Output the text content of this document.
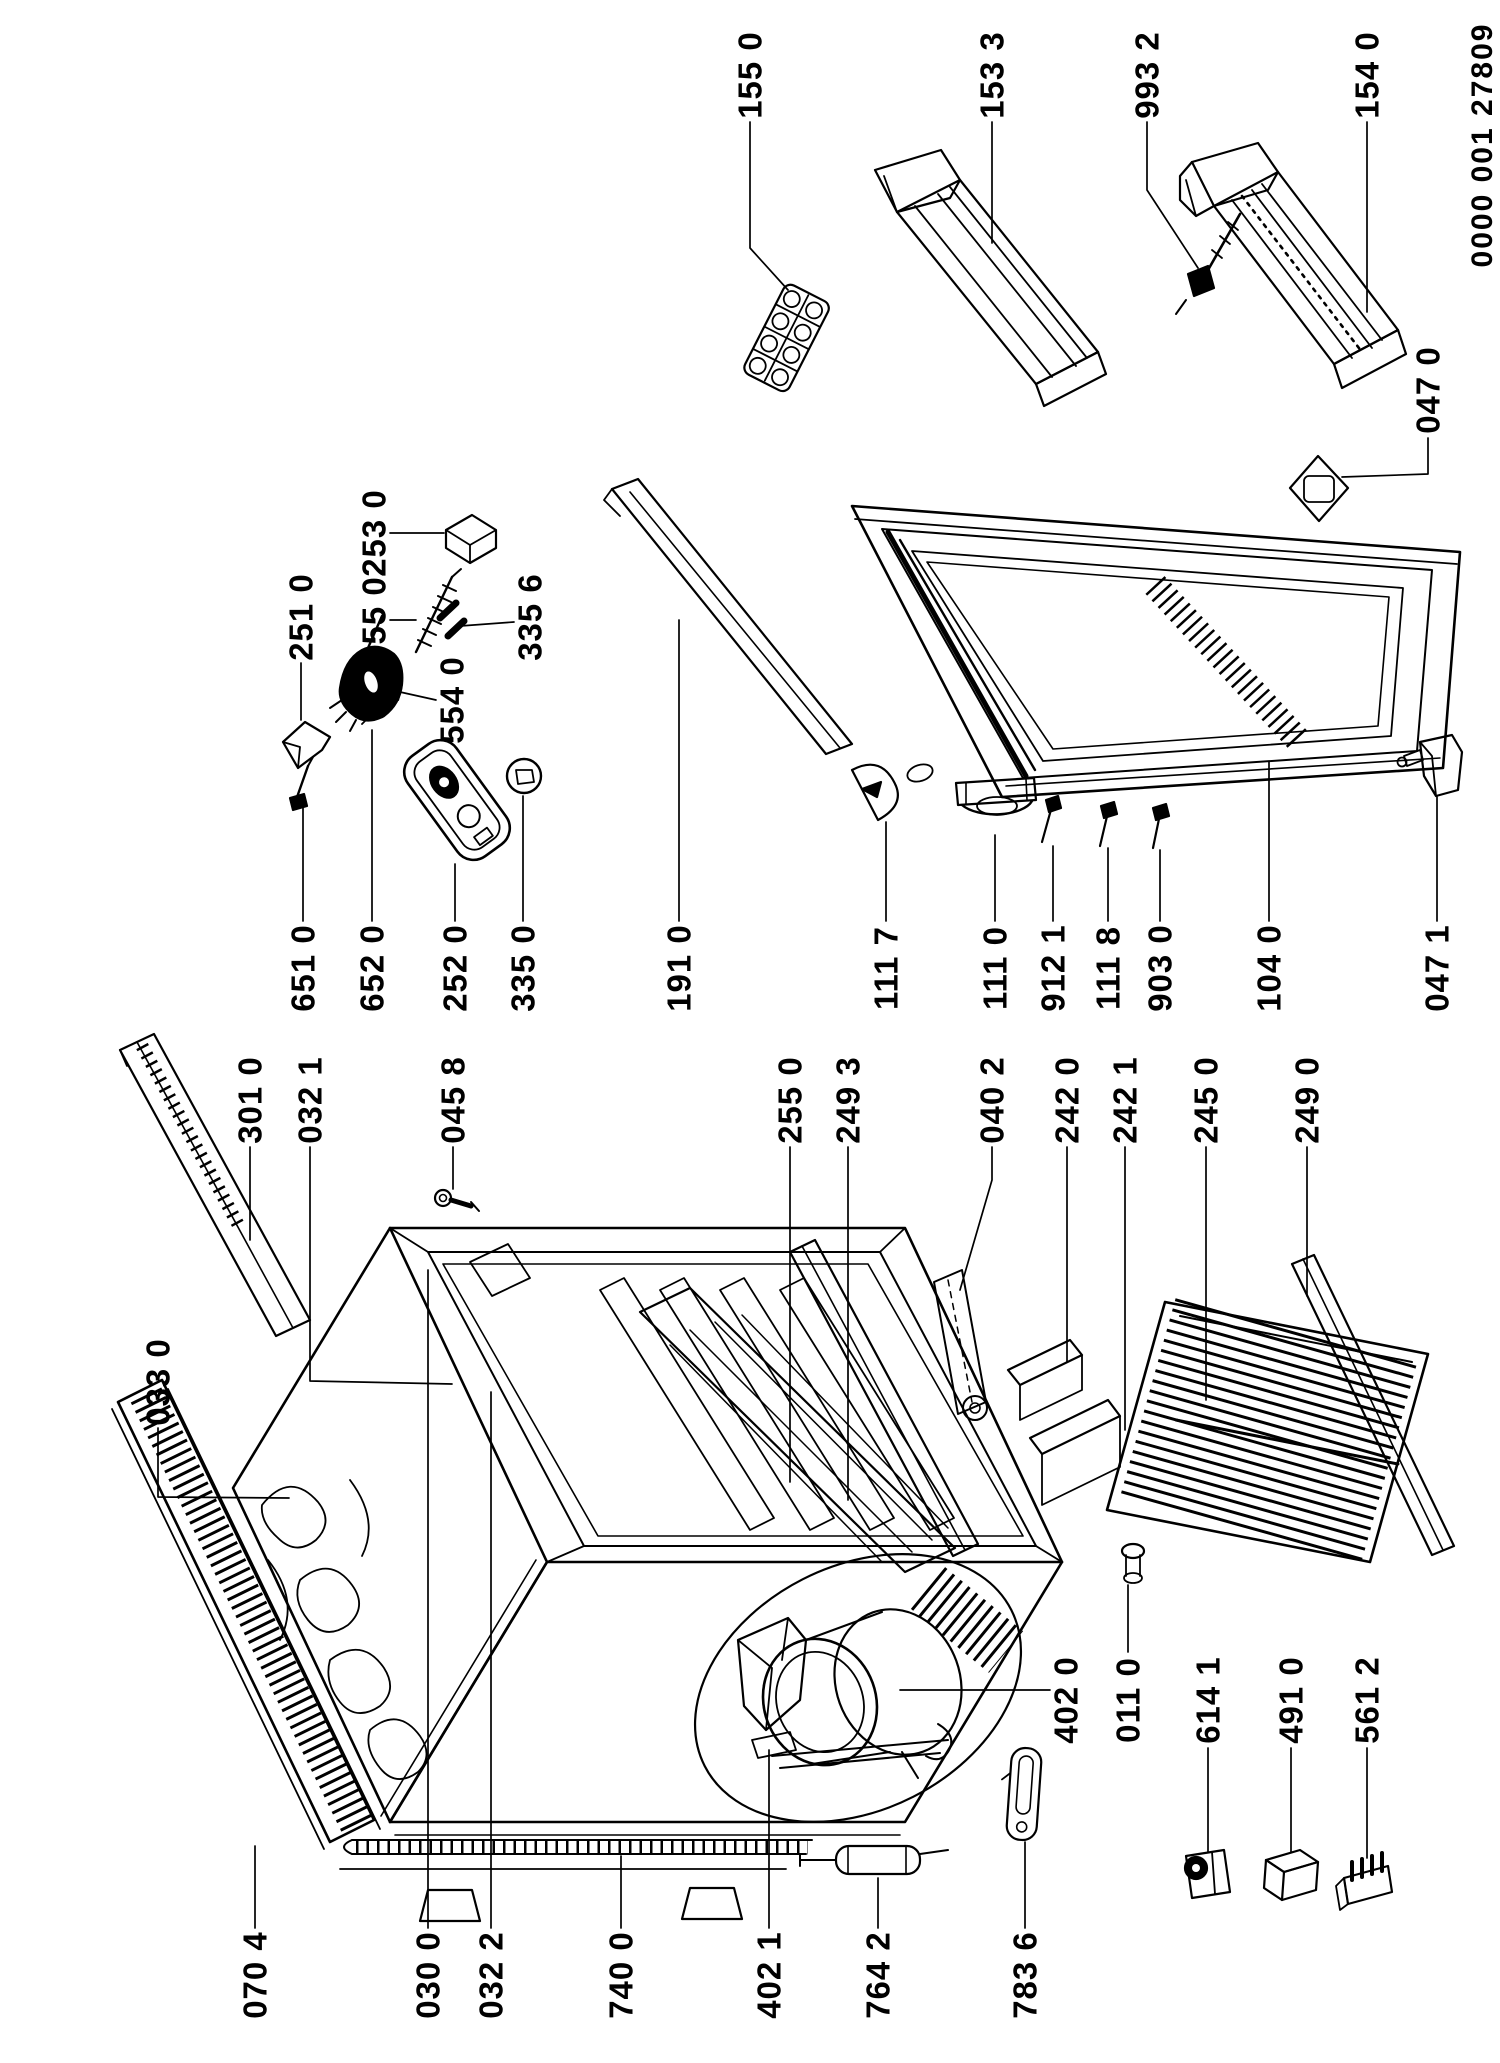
0000 001 27809
155 0	153 3	993 2	154 0
047 0
251 0
253 0
655 0	335 6
554 0
651 0 652 0 252 0 335 0	191 0	111 7 111 0 912 1 111 8 903 0 104 0	047 1
301 0 032 1	045 8	255 0 249 3	040 2 242 0 242 1 245 0 249 0
033 0
402 0 011 0 614 1 491 0 561 2
070 4	030 0 032 2	740 0	402 1 764 2	783 6
